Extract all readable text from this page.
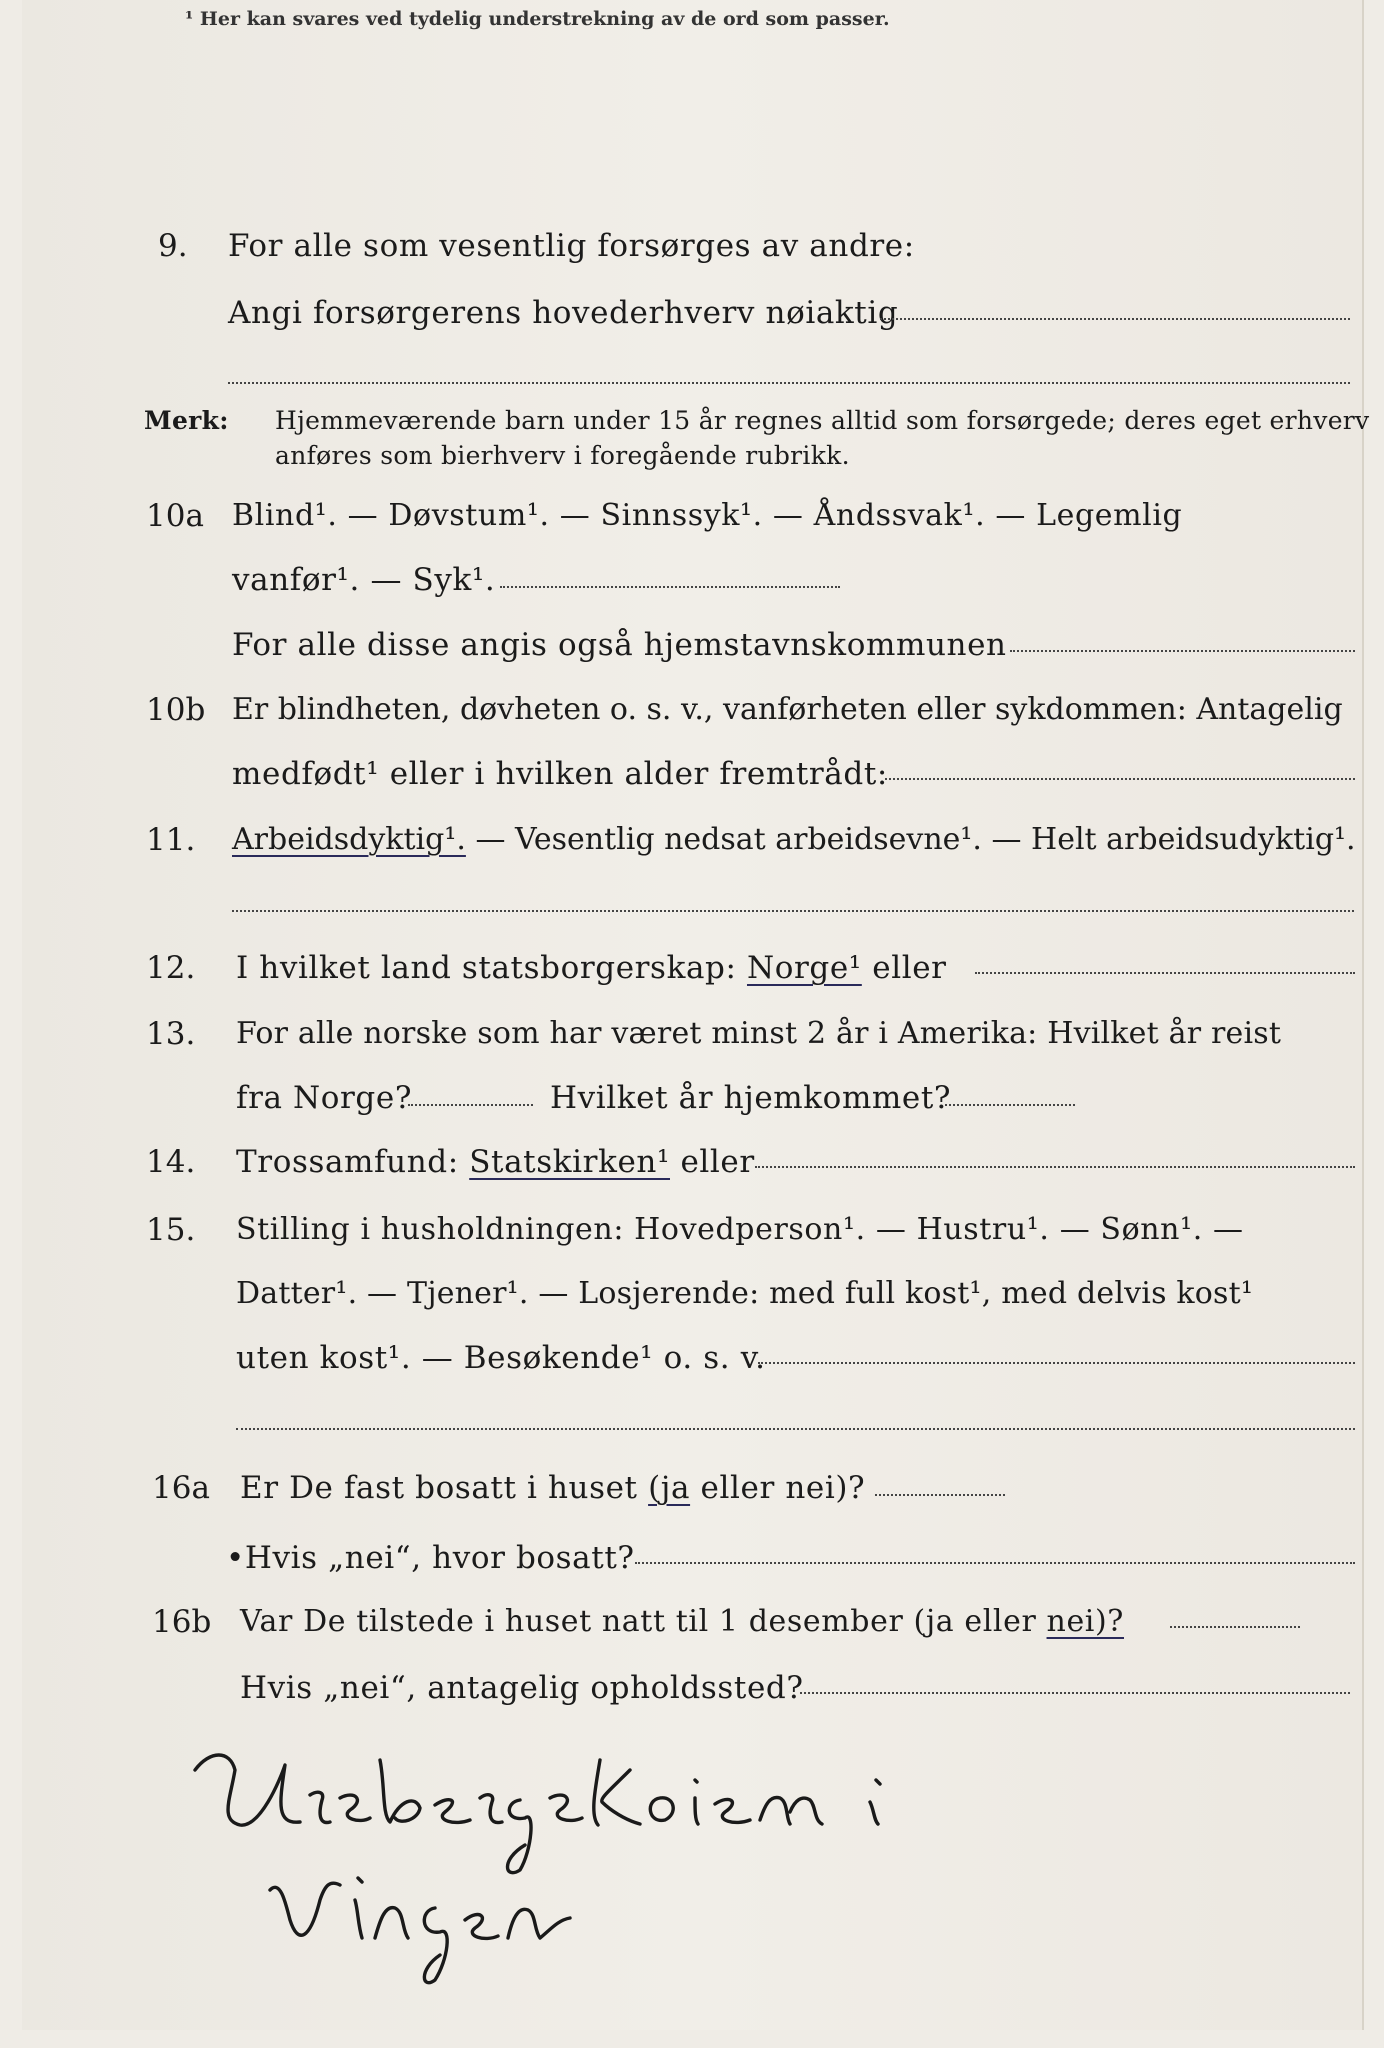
¹ Her kan svares ved tydelig understrekning av de ord som passer.
9. For alle som vesentlig forsørges av andre:
Angi forsørgerens hovederhverv nøiaktig
Merk: Hjemmeværende barn under 15 år regnes alltid som forsørgede; deres eget erhverv
anføres som bierhverv i foregående rubrikk.
10a Blind¹. — Døvstum¹. — Sinnssyk¹. — Åndssvak¹. — Legemlig
vanfør¹. — Syk¹.
For alle disse angis også hjemstavnskommunen
10b Er blindheten, døvheten o. s. v., vanførheten eller sykdommen: Antagelig
medfødt¹ eller i hvilken alder fremtrådt:
11. Arbeidsdyktig¹. — Vesentlig nedsat arbeidsevne¹. — Helt arbeidsudyktig¹.
12. I hvilket land statsborgerskap: Norge¹ eller
13. For alle norske som har været minst 2 år i Amerika: Hvilket år reist
fra Norge?	Hvilket år hjemkommet?
14. Trossamfund: Statskirken¹ eller
15. Stilling i husholdningen: Hovedperson¹. — Hustru¹. — Sønn¹. —
Datter¹. — Tjener¹. — Losjerende: med full kost¹, med delvis kost¹
uten kost¹. — Besøkende¹ o. s. v.
16a Er De fast bosatt i huset (ja eller nei)?
•Hvis „nei“, hvor bosatt?
16b Var De tilstede i huset natt til 1 desember (ja eller nei)?
Hvis „nei“, antagelig opholdssted?
